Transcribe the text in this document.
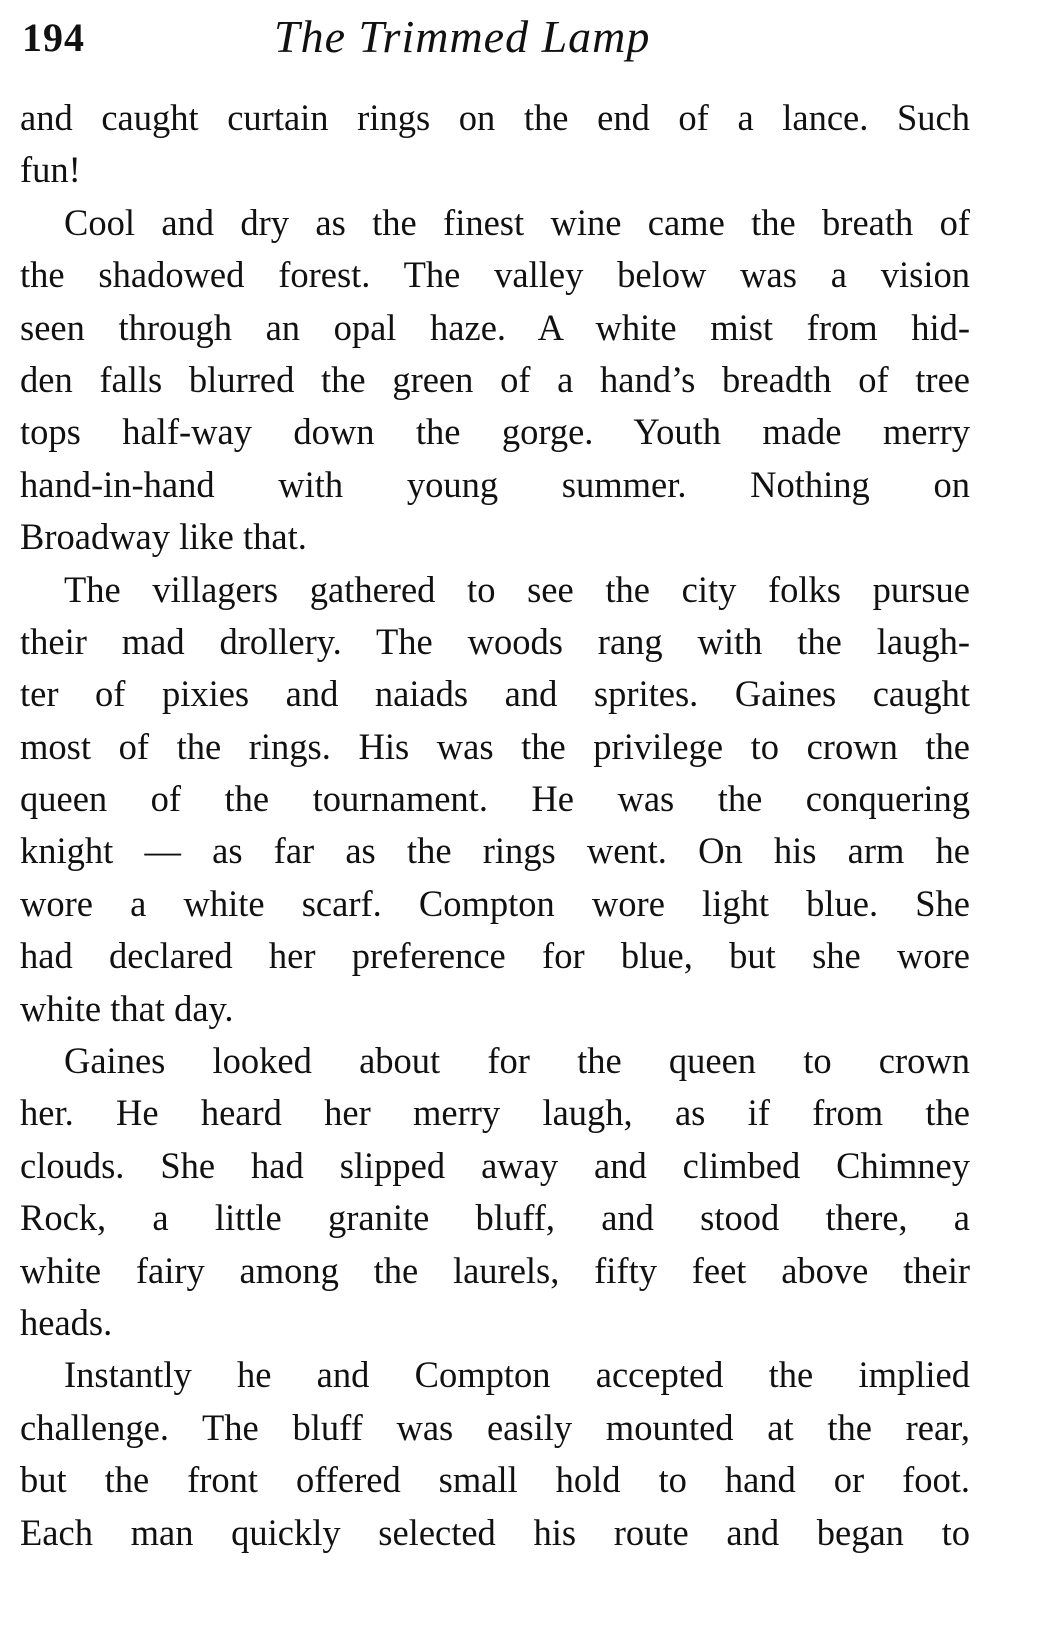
194	The Trimmed Lamp
and caught curtain rings on the end of a lance. Such
fun!
Cool and dry as the finest wine came the breath of
the shadowed forest. The valley below was a vision
seen through an opal haze. A white mist from hid-
den falls blurred the green of a hand’s breadth of tree
tops half-way down the gorge. Youth made merry
hand-in-hand with young summer. Nothing on
Broadway like that.
The villagers gathered to see the city folks pursue
their mad drollery. The woods rang with the laugh-
ter of pixies and naiads and sprites. Gaines caught
most of the rings. His was the privilege to crown the
queen of the tournament. He was the conquering
knight — as far as the rings went. On his arm he
wore a white scarf. Compton wore light blue. She
had declared her preference for blue, but she wore
white that day.
Gaines looked about for the queen to crown
her. He heard her merry laugh, as if from the
clouds. She had slipped away and climbed Chimney
Rock, a little granite bluff, and stood there, a
white fairy among the laurels, fifty feet above their
heads.
Instantly he and Compton accepted the implied
challenge. The bluff was easily mounted at the rear,
but the front offered small hold to hand or foot.
Each man quickly selected his route and began to
